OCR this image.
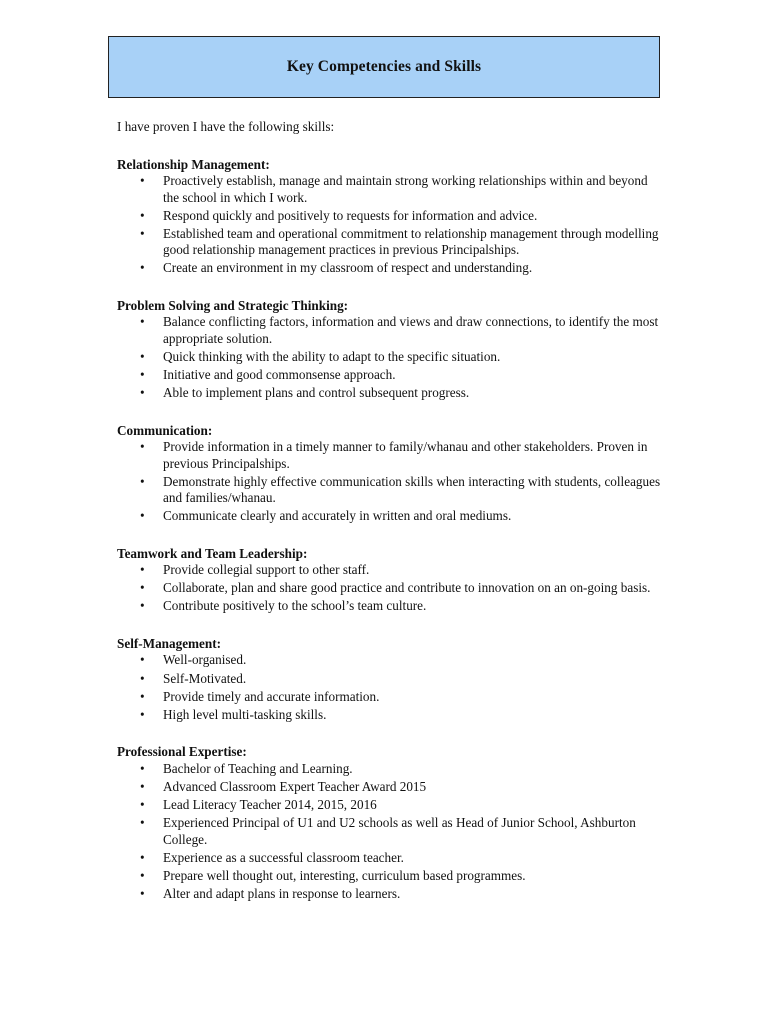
Key Competencies and Skills

I have proven I have the following skills:

Relationship Management:
• Proactively establish, manage and maintain strong working relationships within and beyond the school in which I work.
• Respond quickly and positively to requests for information and advice.
• Established team and operational commitment to relationship management through modelling good relationship management practices in previous Principalships.
• Create an environment in my classroom of respect and understanding.
Problem Solving and Strategic Thinking:
• Balance conflicting factors, information and views and draw connections, to identify the most appropriate solution.
• Quick thinking with the ability to adapt to the specific situation.
• Initiative and good commonsense approach.
• Able to implement plans and control subsequent progress.
Communication:
• Provide information in a timely manner to family/whanau and other stakeholders. Proven in previous Principalships.
• Demonstrate highly effective communication skills when interacting with students, colleagues and families/whanau.
• Communicate clearly and accurately in written and oral mediums.
Teamwork and Team Leadership:
• Provide collegial support to other staff.
• Collaborate, plan and share good practice and contribute to innovation on an on-going basis.
• Contribute positively to the school’s team culture.
Self-Management:
• Well-organised.
• Self-Motivated.
• Provide timely and accurate information.
• High level multi-tasking skills.
Professional Expertise:
• Bachelor of Teaching and Learning.
• Advanced Classroom Expert Teacher Award 2015
• Lead Literacy Teacher 2014, 2015, 2016
• Experienced Principal of U1 and U2 schools as well as Head of Junior School, Ashburton College.
• Experience as a successful classroom teacher.
• Prepare well thought out, interesting, curriculum based programmes.
• Alter and adapt plans in response to learners.
